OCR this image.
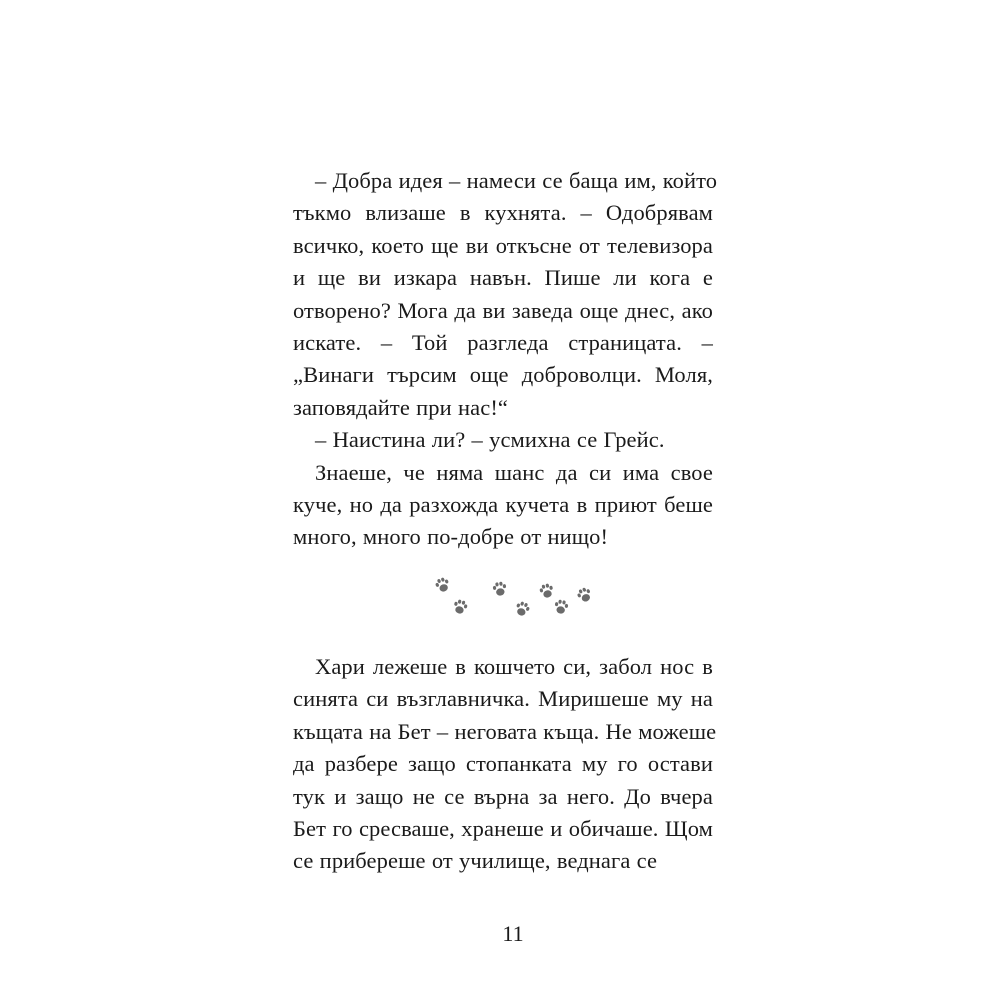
– Добра идея – намеси се баща им, който
тъкмо влизаше в кухнята. – Одобрявам
всичко, което ще ви откъсне от телевизора
и ще ви изкара навън. Пише ли кога е
отворено? Мога да ви заведа още днес, ако
искате. – Той разгледа страницата. –
„Винаги търсим още доброволци. Моля,
заповядайте при нас!“
– Наистина ли? – усмихна се Грейс.
Знаеше, че няма шанс да си има свое
куче, но да разхожда кучета в приют беше
много, много по-добре от нищо!
Хари лежеше в кошчето си, забол нос в
синята си възглавничка. Миришеше му на
къщата на Бет – неговата къща. Не можеше
да разбере защо стопанката му го остави
тук и защо не се върна за него. До вчера
Бет го сресваше, хранеше и обичаше. Щом
се прибереше от училище, веднага се
11
